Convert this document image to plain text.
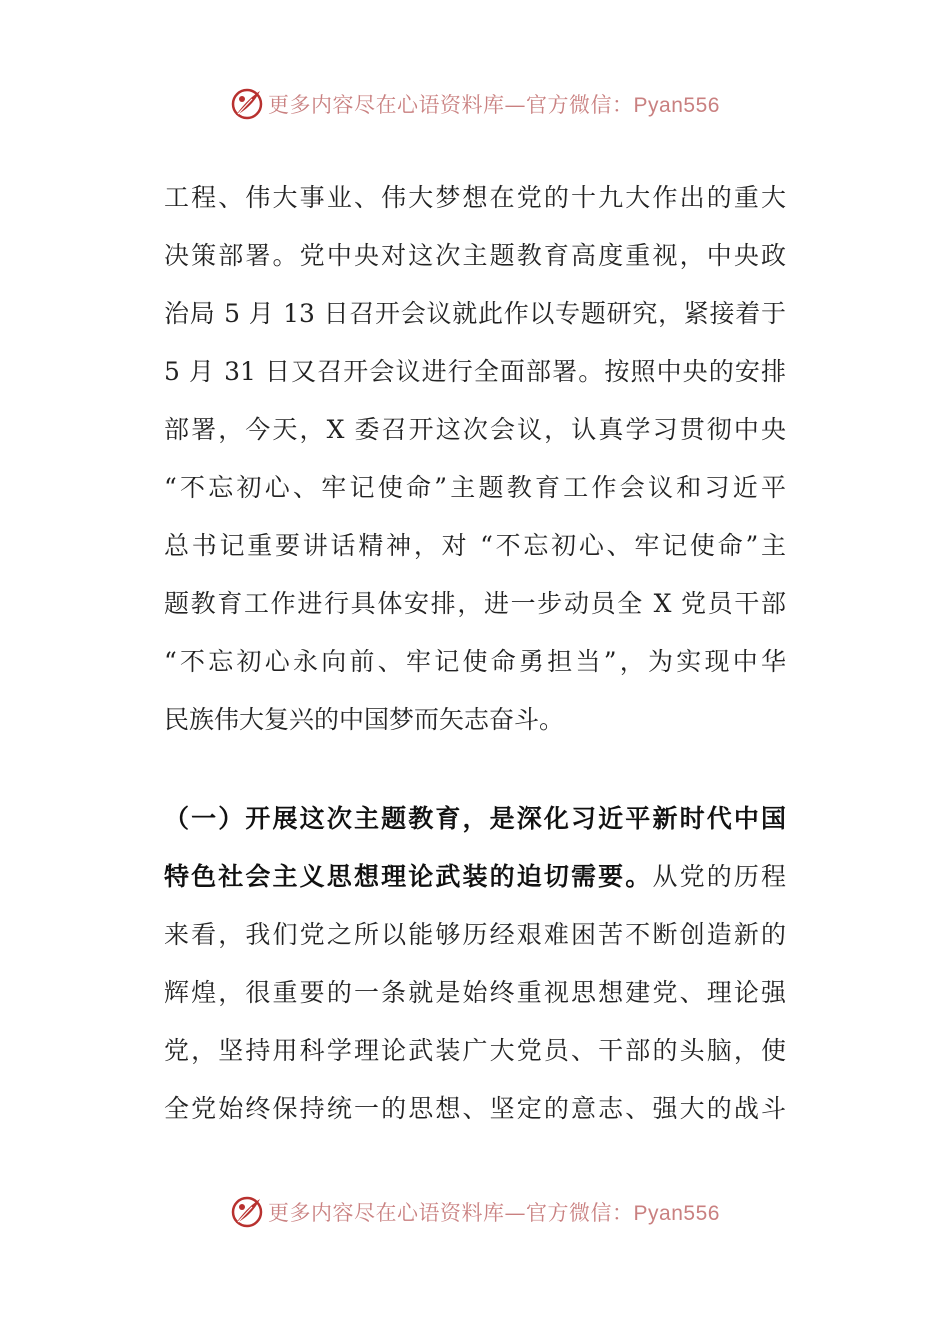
更多内容尽在心语资料库—官方微信：Pyan556
工程、伟大事业、伟大梦想在党的十九大作出的重大
决策部署。党中央对这次主题教育高度重视，中央政
治局 5 月 13 日召开会议就此作以专题研究，紧接着于
5 月 31 日又召开会议进行全面部署。按照中央的安排
部署，今天，X 委召开这次会议，认真学习贯彻中央
“不忘初心、牢记使命”主题教育工作会议和习近平
总书记重要讲话精神，对 “不忘初心、牢记使命”主
题教育工作进行具体安排，进一步动员全 X 党员干部
“不忘初心永向前、牢记使命勇担当”，为实现中华
民族伟大复兴的中国梦而矢志奋斗。
（一）开展这次主题教育，是深化习近平新时代中国
特色社会主义思想理论武装的迫切需要。从党的历程
来看，我们党之所以能够历经艰难困苦不断创造新的
辉煌，很重要的一条就是始终重视思想建党、理论强
党，坚持用科学理论武装广大党员、干部的头脑，使
全党始终保持统一的思想、坚定的意志、强大的战斗
更多内容尽在心语资料库—官方微信：Pyan556
